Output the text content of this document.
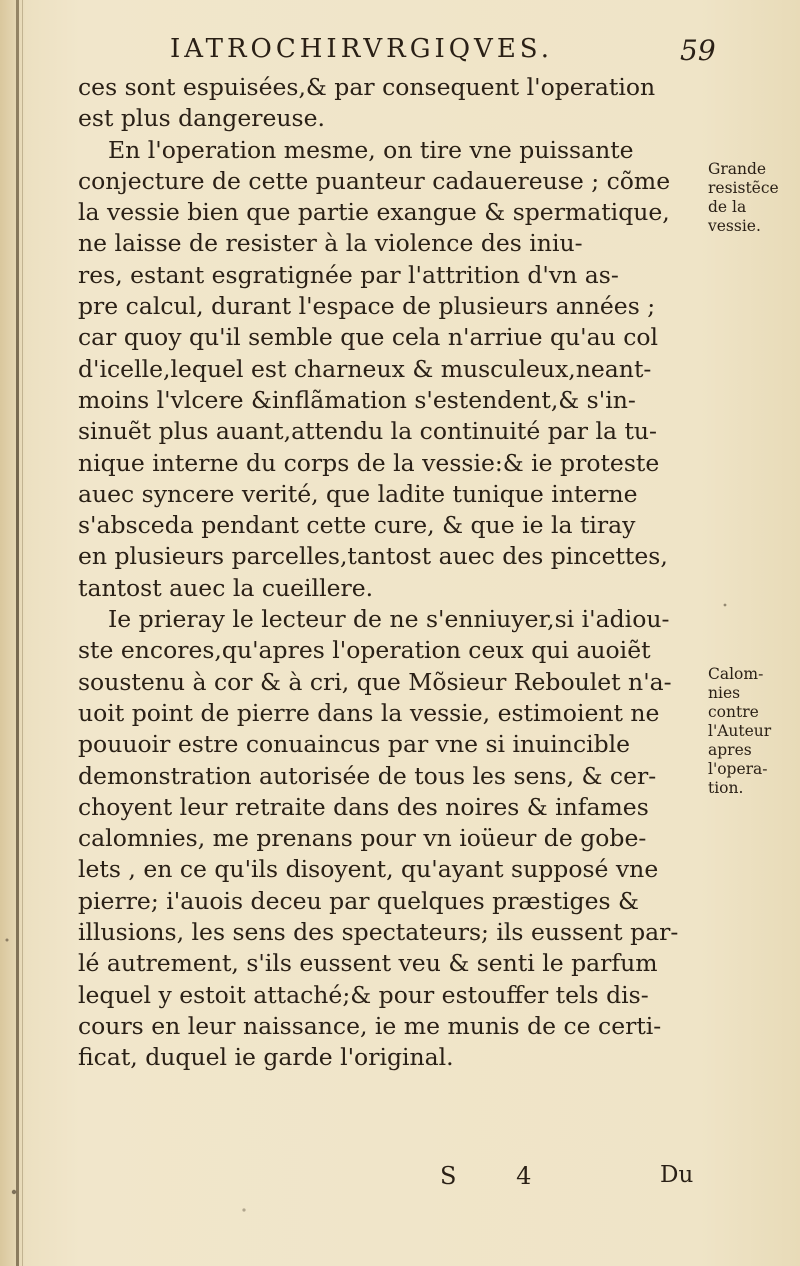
IATROCHIRVRGIQVES.	59
ces sont espuisées,& par consequent l'operation
est plus dangereuse.
En l'operation mesme, on tire vne puissante
conjecture de cette puanteur cadauereuse ; cõme
la vessie bien que partie exangue & spermatique,
ne laisse de resister à la violence des iniu-
res, estant esgratignée par l'attrition d'vn as-
pre calcul, durant l'espace de plusieurs années ;
car quoy qu'il semble que cela n'arriue qu'au col
d'icelle,lequel est charneux & musculeux,neant-
moins l'vlcere &inflãmation s'estendent,& s'in-
sinuẽt plus auant,attendu la continuité par la tu-
nique interne du corps de la vessie:& ie proteste
auec syncere verité, que ladite tunique interne
s'abscedа pendant cette cure, & que ie la tiray
en plusieurs parcelles,tantost auec des pincettes,
tantost auec la cueillere.
Ie prieray le lecteur de ne s'enniuyer,si i'adiou-
ste encores,qu'apres l'operation ceux qui auoiẽt
soustenu à cor & à cri, que Mõsieur Reboulet n'a-
uoit point de pierre dans la vessie, estimoient ne
pouuoir estre conuaincus par vne si inuincible
demonstration autorisée de tous les sens, & cer-
choyent leur retraite dans des noires & infames
calomnies, me prenans pour vn ioüeur de gobe-
lets , en ce qu'ils disoyent, qu'ayant supposé vne
pierre; i'auois deceu par quelques præstiges &
illusions, les sens des spectateurs; ils eussent par-
lé autrement, s'ils eussent veu & senti le parfum
lequel y estoit attaché;& pour estouffer tels dis-
cours en leur naissance, ie me munis de ce certi-
ficat, duquel ie garde l'original.
Grande
resistẽce
de la
vessie.
Calom-
nies
contre
l'Auteur
apres
l'opera-
tion.
S 4	Du
